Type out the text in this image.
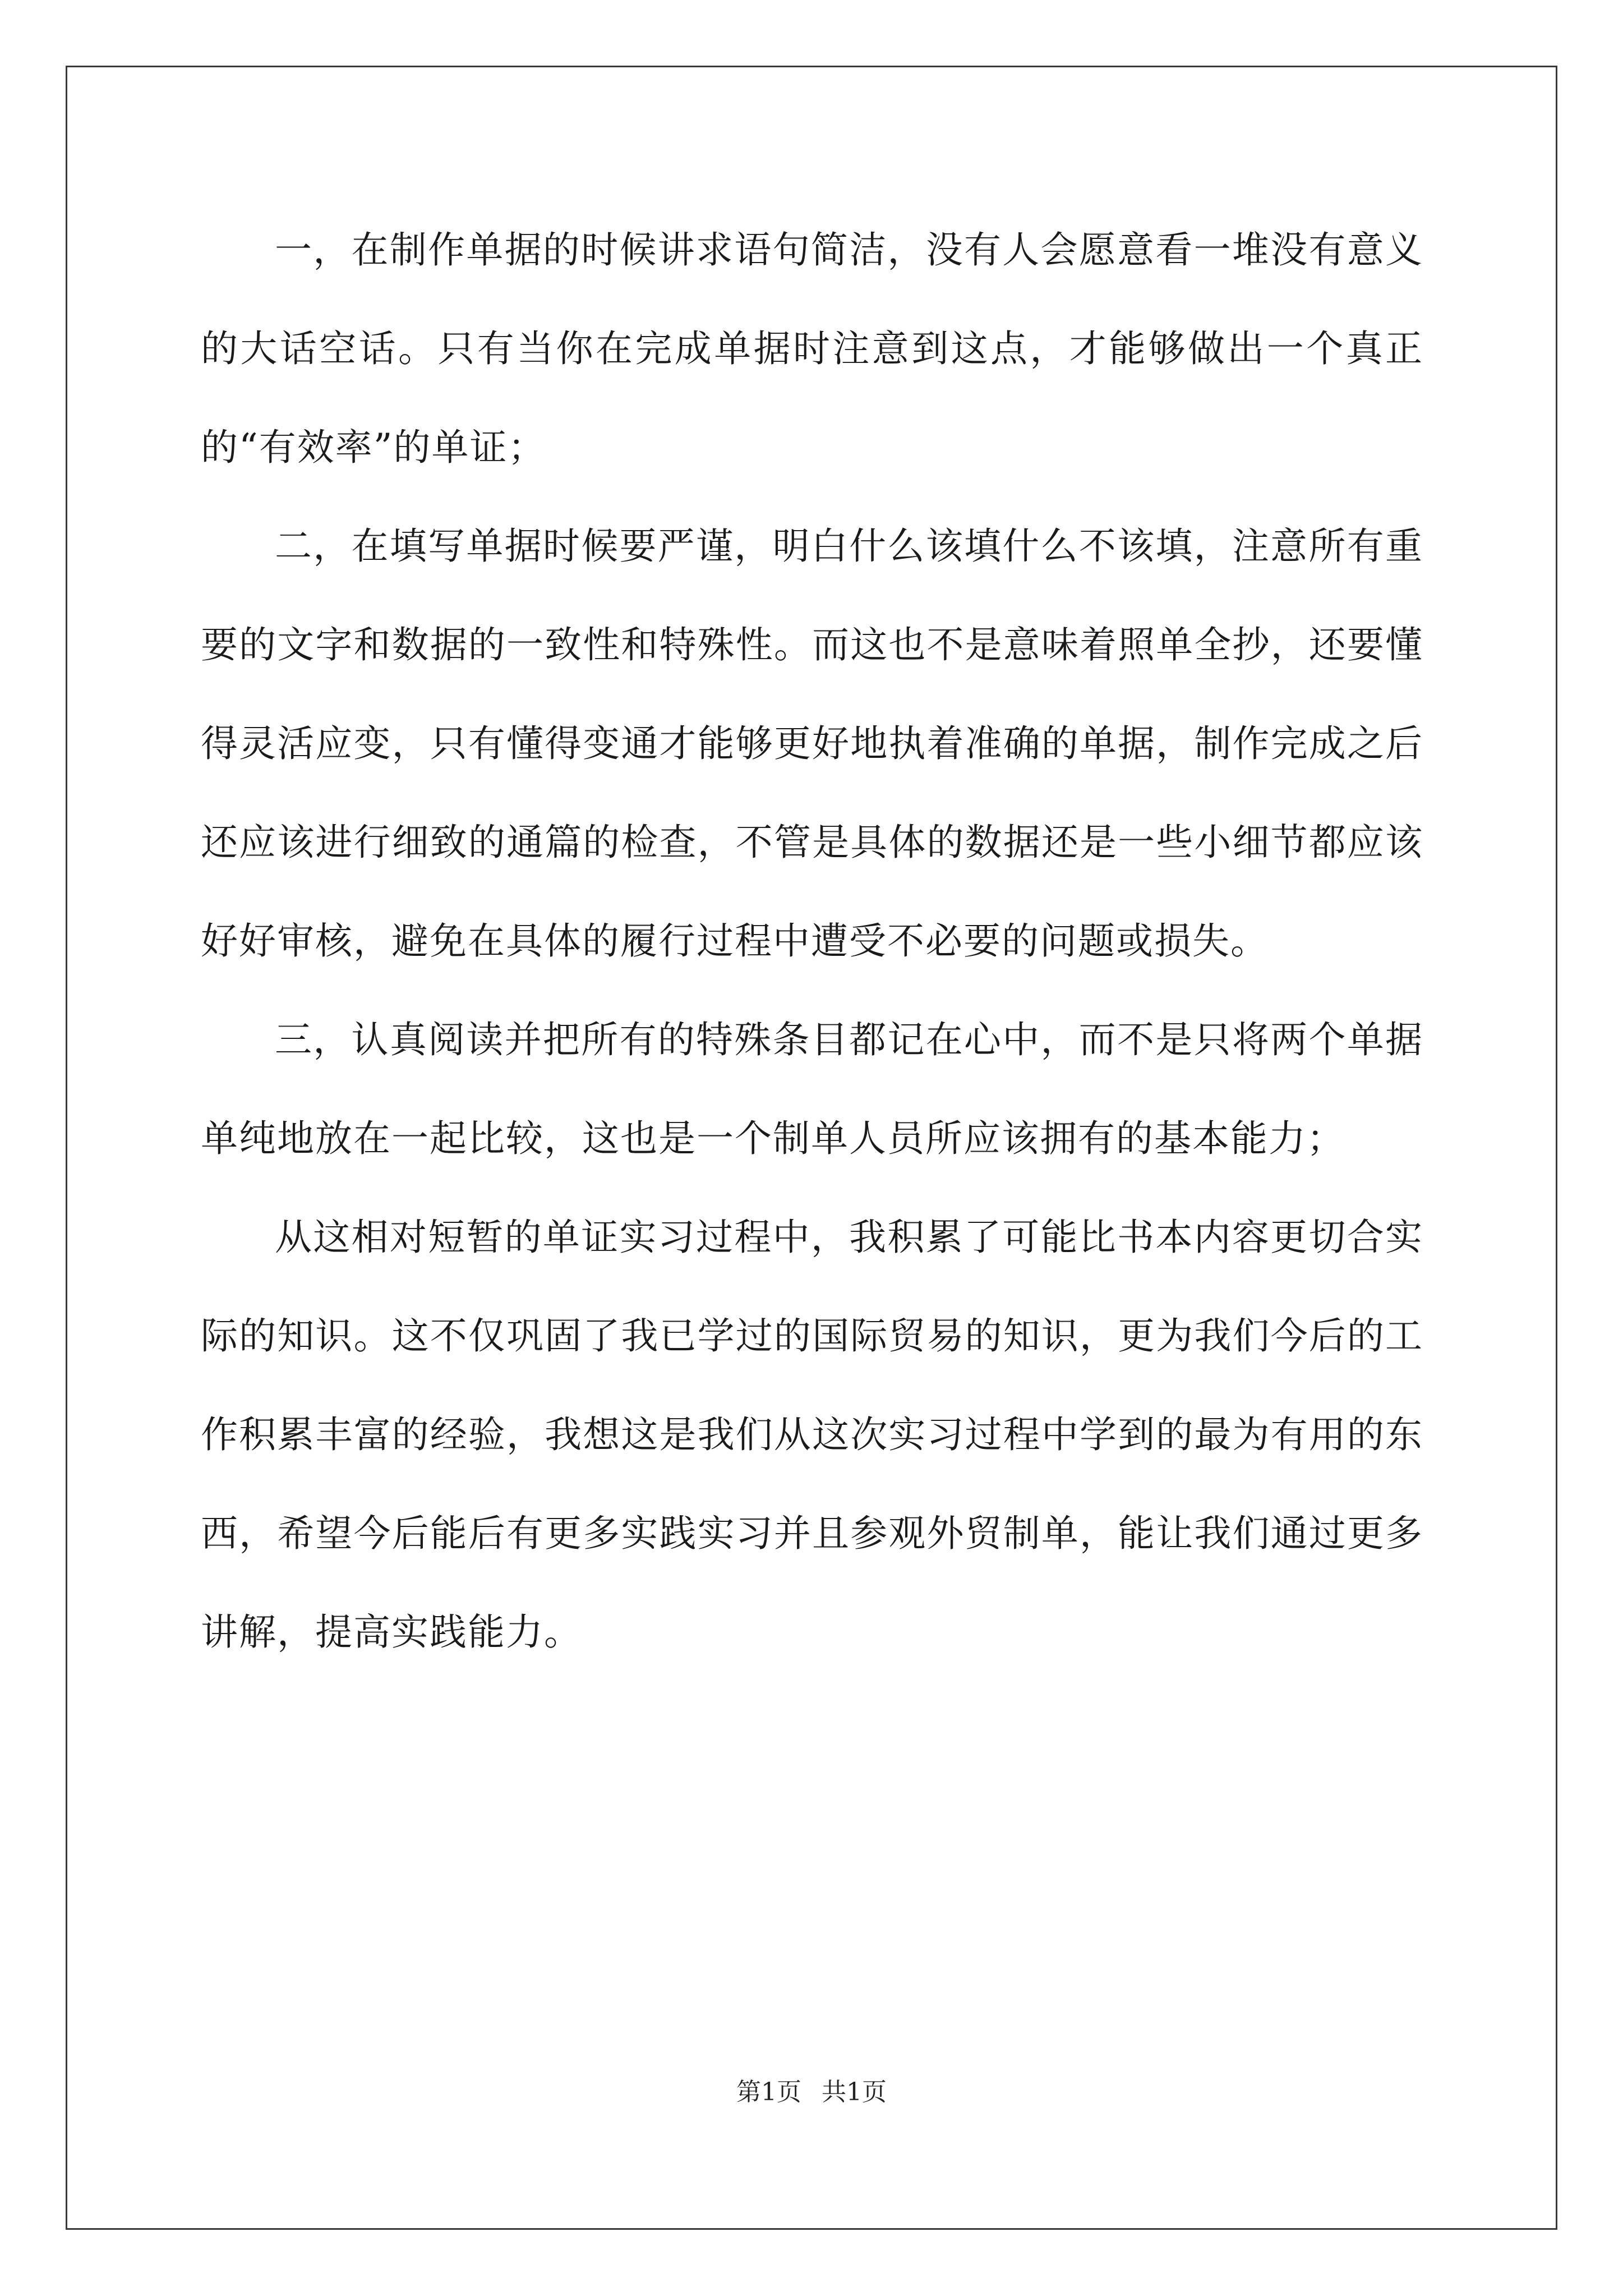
一，在制作单据的时候讲求语句简洁，没有人会愿意看一堆没有意义的大话空话。只有当你在完成单据时注意到这点，才能够做出一个真正的“有效率”的单证；

二，在填写单据时候要严谨，明白什么该填什么不该填，注意所有重要的文字和数据的一致性和特殊性。而这也不是意味着照单全抄，还要懂得灵活应变，只有懂得变通才能够更好地执着准确的单据，制作完成之后还应该进行细致的通篇的检查，不管是具体的数据还是一些小细节都应该好好审核，避免在具体的履行过程中遭受不必要的问题或损失。

三，认真阅读并把所有的特殊条目都记在心中，而不是只将两个单据单纯地放在一起比较，这也是一个制单人员所应该拥有的基本能力；

从这相对短暂的单证实习过程中，我积累了可能比书本内容更切合实际的知识。这不仅巩固了我已学过的国际贸易的知识，更为我们今后的工作积累丰富的经验，我想这是我们从这次实习过程中学到的最为有用的东西，希望今后能后有更多实践实习并且参观外贸制单，能让我们通过更多讲解，提高实践能力。

第1页 共1页
